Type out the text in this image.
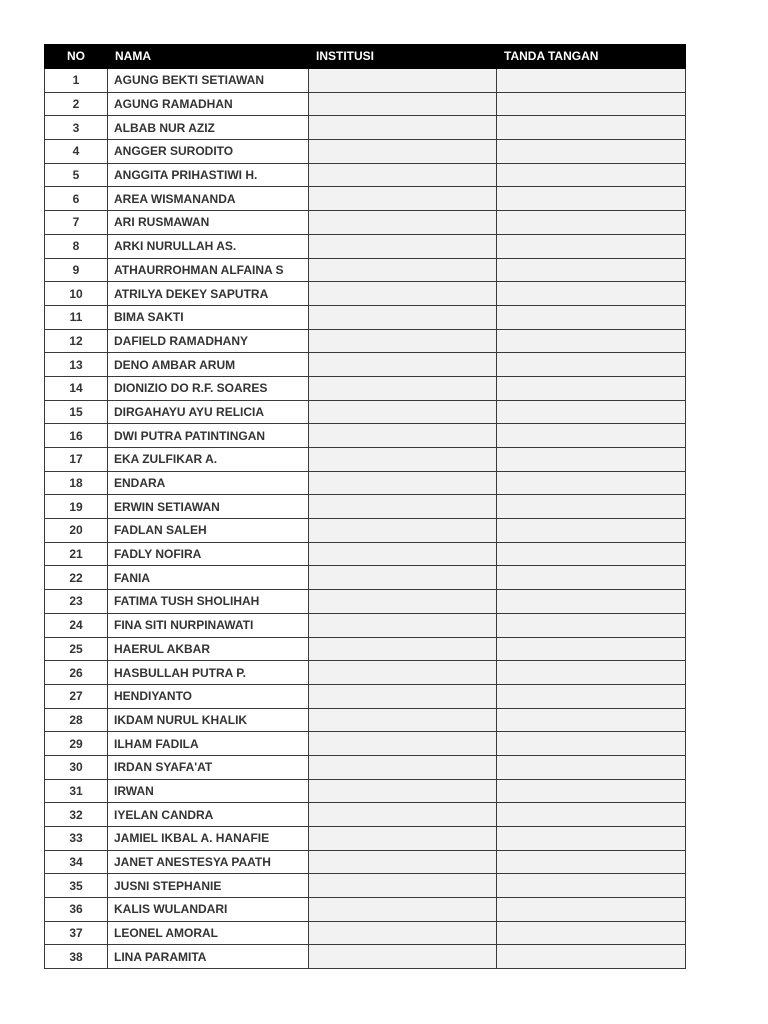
NO	NAMA	INSTITUSI	TANDA TANGAN
1	AGUNG BEKTI SETIAWAN		
2	AGUNG RAMADHAN		
3	ALBAB NUR AZIZ		
4	ANGGER SURODITO		
5	ANGGITA PRIHASTIWI H.		
6	AREA WISMANANDA		
7	ARI RUSMAWAN		
8	ARKI NURULLAH AS.		
9	ATHAURROHMAN ALFAINA S		
10	ATRILYA DEKEY SAPUTRA		
11	BIMA SAKTI		
12	DAFIELD RAMADHANY		
13	DENO AMBAR ARUM		
14	DIONIZIO DO R.F. SOARES		
15	DIRGAHAYU AYU RELICIA		
16	DWI PUTRA PATINTINGAN		
17	EKA ZULFIKAR A.		
18	ENDARA		
19	ERWIN SETIAWAN		
20	FADLAN SALEH		
21	FADLY NOFIRA		
22	FANIA		
23	FATIMA TUSH SHOLIHAH		
24	FINA SITI NURPINAWATI		
25	HAERUL AKBAR		
26	HASBULLAH PUTRA P.		
27	HENDIYANTO		
28	IKDAM NURUL KHALIK		
29	ILHAM FADILA		
30	IRDAN SYAFA'AT		
31	IRWAN		
32	IYELAN CANDRA		
33	JAMIEL IKBAL A. HANAFIE		
34	JANET ANESTESYA PAATH		
35	JUSNI STEPHANIE		
36	KALIS WULANDARI		
37	LEONEL AMORAL		
38	LINA PARAMITA		
